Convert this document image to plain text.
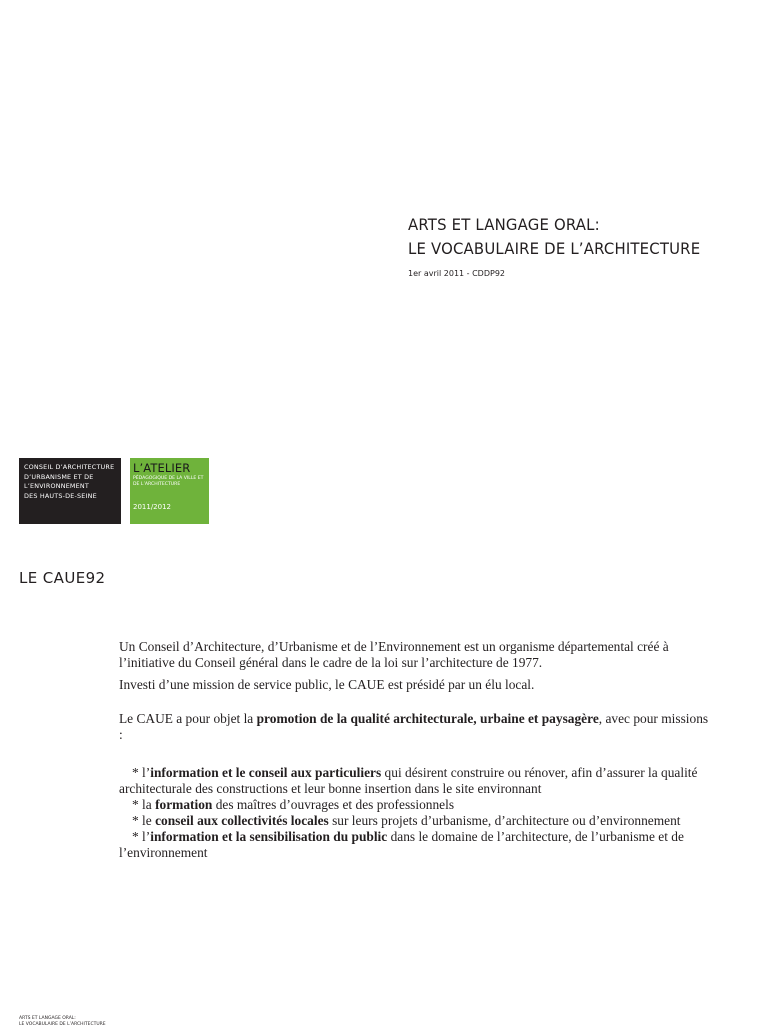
ARTS ET LANGAGE ORAL:
LE VOCABULAIRE DE L’ARCHITECTURE
1er avril 2011 - CDDP92
CONSEIL D’ARCHITECTURE
D’URBANISME ET DE
L’ENVIRONNEMENT
DES HAUTS-DE-SEINE
L’ATELIER
PÉDAGOGIQUE DE LA VILLE ET DE L’ARCHITECTURE
2011/2012
LE CAUE92

Un Conseil d’Architecture, d’Urbanisme et de l’Environnement est un organisme départemental créé à l’initiative du Conseil général dans le cadre de la loi sur l’architecture de 1977.

Investi d’une mission de service public, le CAUE est présidé par un élu local.

Le CAUE a pour objet la promotion de la qualité architecturale, urbaine et paysagère, avec pour missions :

* l’information et le conseil aux particuliers qui désirent construire ou rénover, afin d’assurer la qualité architecturale des constructions et leur bonne insertion dans le site environnant

* la formation des maîtres d’ouvrages et des professionnels

* le conseil aux collectivités locales sur leurs projets d’urbanisme, d’architecture ou d’environnement

* l’information et la sensibilisation du public dans le domaine de l’architecture, de l’urbanisme et de l’environnement

ARTS ET LANGAGE ORAL:
LE VOCABULAIRE DE L’ARCHITECTURE
